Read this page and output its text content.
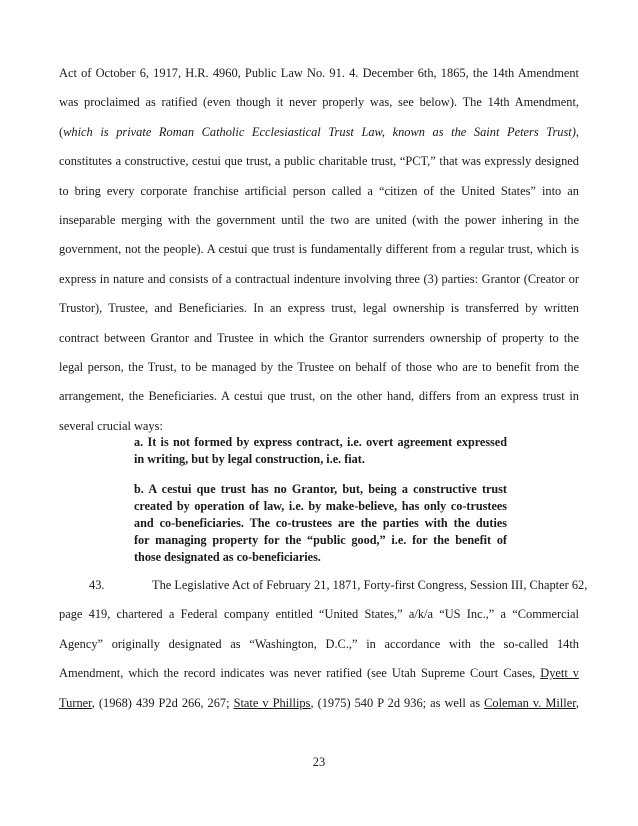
Act of October 6, 1917, H.R. 4960, Public Law No. 91. 4. December 6th, 1865, the 14th Amendment
was proclaimed as ratified (even though it never properly was, see below). The 14th Amendment,
(which is private Roman Catholic Ecclesiastical Trust Law, known as the Saint Peters Trust),
constitutes a constructive, cestui que trust, a public charitable trust, “PCT,” that was expressly designed
to bring every corporate franchise artificial person called a “citizen of the United States” into an
inseparable merging with the government until the two are united (with the power inhering in the
government, not the people). A cestui que trust is fundamentally different from a regular trust, which is
express in nature and consists of a contractual indenture involving three (3) parties: Grantor (Creator or
Trustor), Trustee, and Beneficiaries. In an express trust, legal ownership is transferred by written
contract between Grantor and Trustee in which the Grantor surrenders ownership of property to the
legal person, the Trust, to be managed by the Trustee on behalf of those who are to benefit from the
arrangement, the Beneficiaries. A cestui que trust, on the other hand, differs from an express trust in
several crucial ways:
a. It is not formed by express contract, i.e. overt agreement expressed
in writing, but by legal construction, i.e. fiat.
b. A cestui que trust has no Grantor, but, being a constructive trust
created by operation of law, i.e. by make-believe, has only co-trustees
and co-beneficiaries. The co-trustees are the parties with the duties
for managing property for the “public good,” i.e. for the benefit of
those designated as co-beneficiaries.
43.	The Legislative Act of February 21, 1871, Forty-first Congress, Session III, Chapter 62,
page 419, chartered a Federal company entitled “United States,” a/k/a “US Inc.,” a “Commercial
Agency” originally designated as “Washington, D.C.,” in accordance with the so-called 14th
Amendment, which the record indicates was never ratified (see Utah Supreme Court Cases, Dyett v
Turner, (1968) 439 P2d 266, 267; State v Phillips, (1975) 540 P 2d 936; as well as Coleman v. Miller,
23
